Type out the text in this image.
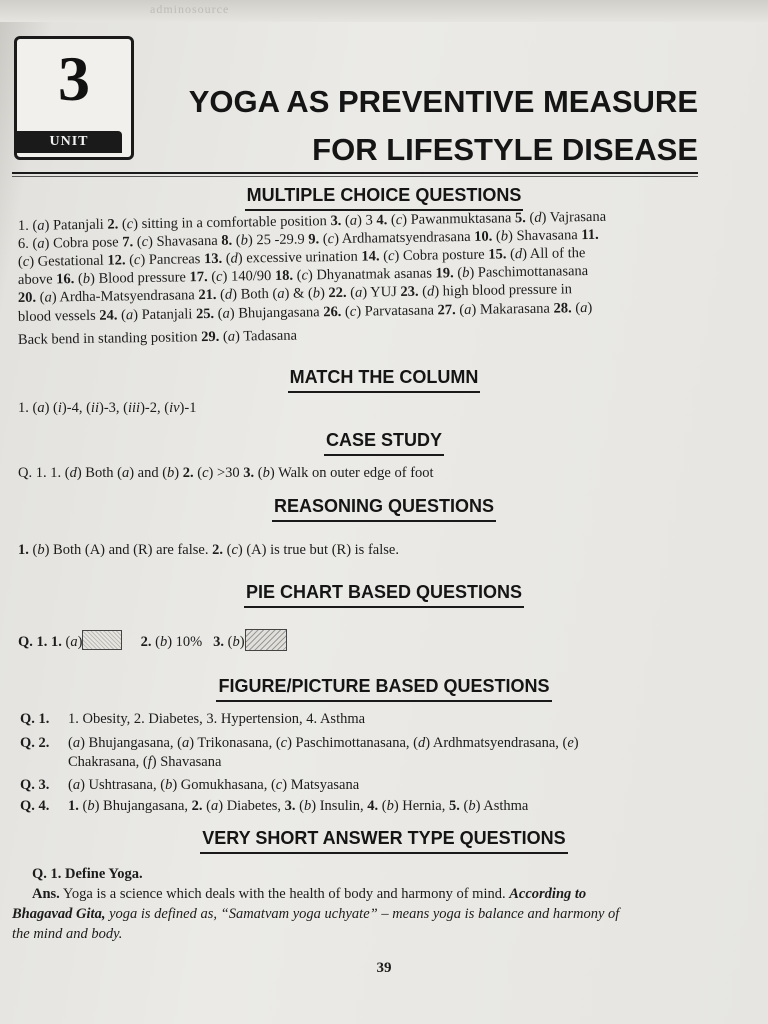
adminosource
3
UNIT
YOGA AS PREVENTIVE MEASURE
FOR LIFESTYLE DISEASE
MULTIPLE CHOICE QUESTIONS
1. (a) Patanjali 2. (c) sitting in a comfortable position 3. (a) 3 4. (c) Pawanmuktasana 5. (d) Vajrasana
6. (a) Cobra pose 7. (c) Shavasana 8. (b) 25 -29.9 9. (c) Ardhamatsyendrasana 10. (b) Shavasana 11.
(c) Gestational 12. (c) Pancreas 13. (d) excessive urination 14. (c) Cobra posture 15. (d) All of the
above 16. (b) Blood pressure 17. (c) 140/90 18. (c) Dhyanatmak asanas 19. (b) Paschimottanasana
20. (a) Ardha-Matsyendrasana 21. (d) Both (a) & (b) 22. (a) YUJ 23. (d) high blood pressure in
blood vessels 24. (a) Patanjali 25. (a) Bhujangasana 26. (c) Parvatasana 27. (a) Makarasana 28. (a)
Back bend in standing position 29. (a) Tadasana
MATCH THE COLUMN
1. (a) (i)-4, (ii)-3, (iii)-2, (iv)-1
CASE STUDY
Q. 1. 1. (d) Both (a) and (b) 2. (c) >30 3. (b) Walk on outer edge of foot
REASONING QUESTIONS
1. (b) Both (A) and (R) are false. 2. (c) (A) is true but (R) is false.
PIE CHART BASED QUESTIONS
Q. 1. 1. (a)	2. (b) 10% 3. (b)
FIGURE/PICTURE BASED QUESTIONS
Q. 1. 1. Obesity, 2. Diabetes, 3. Hypertension, 4. Asthma
Q. 2. (a) Bhujangasana, (a) Trikonasana, (c) Paschimottanasana, (d) Ardhmatsyendrasana, (e)
Chakrasana, (f) Shavasana
Q. 3. (a) Ushtrasana, (b) Gomukhasana, (c) Matsyasana
Q. 4. 1. (b) Bhujangasana, 2. (a) Diabetes, 3. (b) Insulin, 4. (b) Hernia, 5. (b) Asthma
VERY SHORT ANSWER TYPE QUESTIONS
Q. 1. Define Yoga.
Ans. Yoga is a science which deals with the health of body and harmony of mind. According to
Bhagavad Gita, yoga is defined as, “Samatvam yoga uchyate” – means yoga is balance and harmony of
the mind and body.
39
